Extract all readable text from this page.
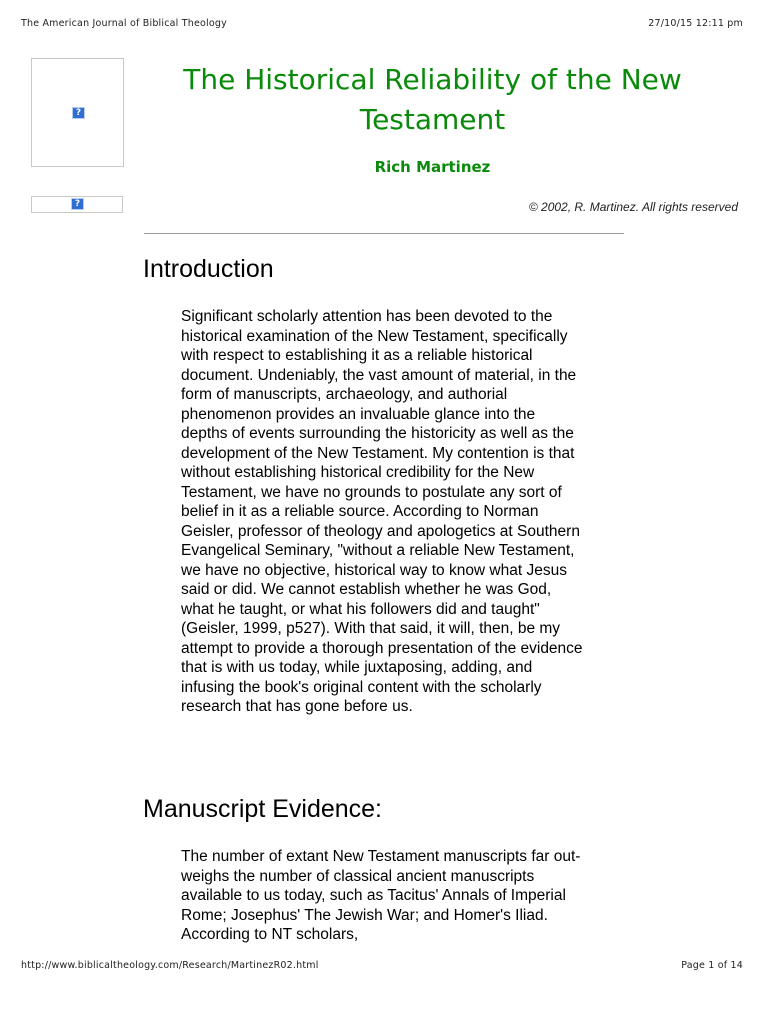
The American Journal of Biblical Theology	27/10/15 12:11 pm
?
?
The Historical Reliability of the New Testament
Rich Martinez
© 2002, R. Martinez. All rights reserved
Introduction

Significant scholarly attention has been devoted to the historical examination of the New Testament, specifically with respect to establishing it as a reliable historical document. Undeniably, the vast amount of material, in the form of manuscripts, archaeology, and authorial phenomenon provides an invaluable glance into the depths of events surrounding the historicity as well as the development of the New Testament. My contention is that without establishing historical credibility for the New Testament, we have no grounds to postulate any sort of belief in it as a reliable source. According to Norman Geisler, professor of theology and apologetics at Southern Evangelical Seminary, "without a reliable New Testament, we have no objective, historical way to know what Jesus said or did. We cannot establish whether he was God, what he taught, or what his followers did and taught" (Geisler, 1999, p527). With that said, it will, then, be my attempt to provide a thorough presentation of the evidence that is with us today, while juxtaposing, adding, and infusing the book's original content with the scholarly research that has gone before us.

Manuscript Evidence:

The number of extant New Testament manuscripts far out-weighs the number of classical ancient manuscripts available to us today, such as Tacitus' Annals of Imperial Rome; Josephus' The Jewish War; and Homer's Iliad. According to NT scholars,

http://www.biblicaltheology.com/Research/MartinezR02.html	Page 1 of 14
